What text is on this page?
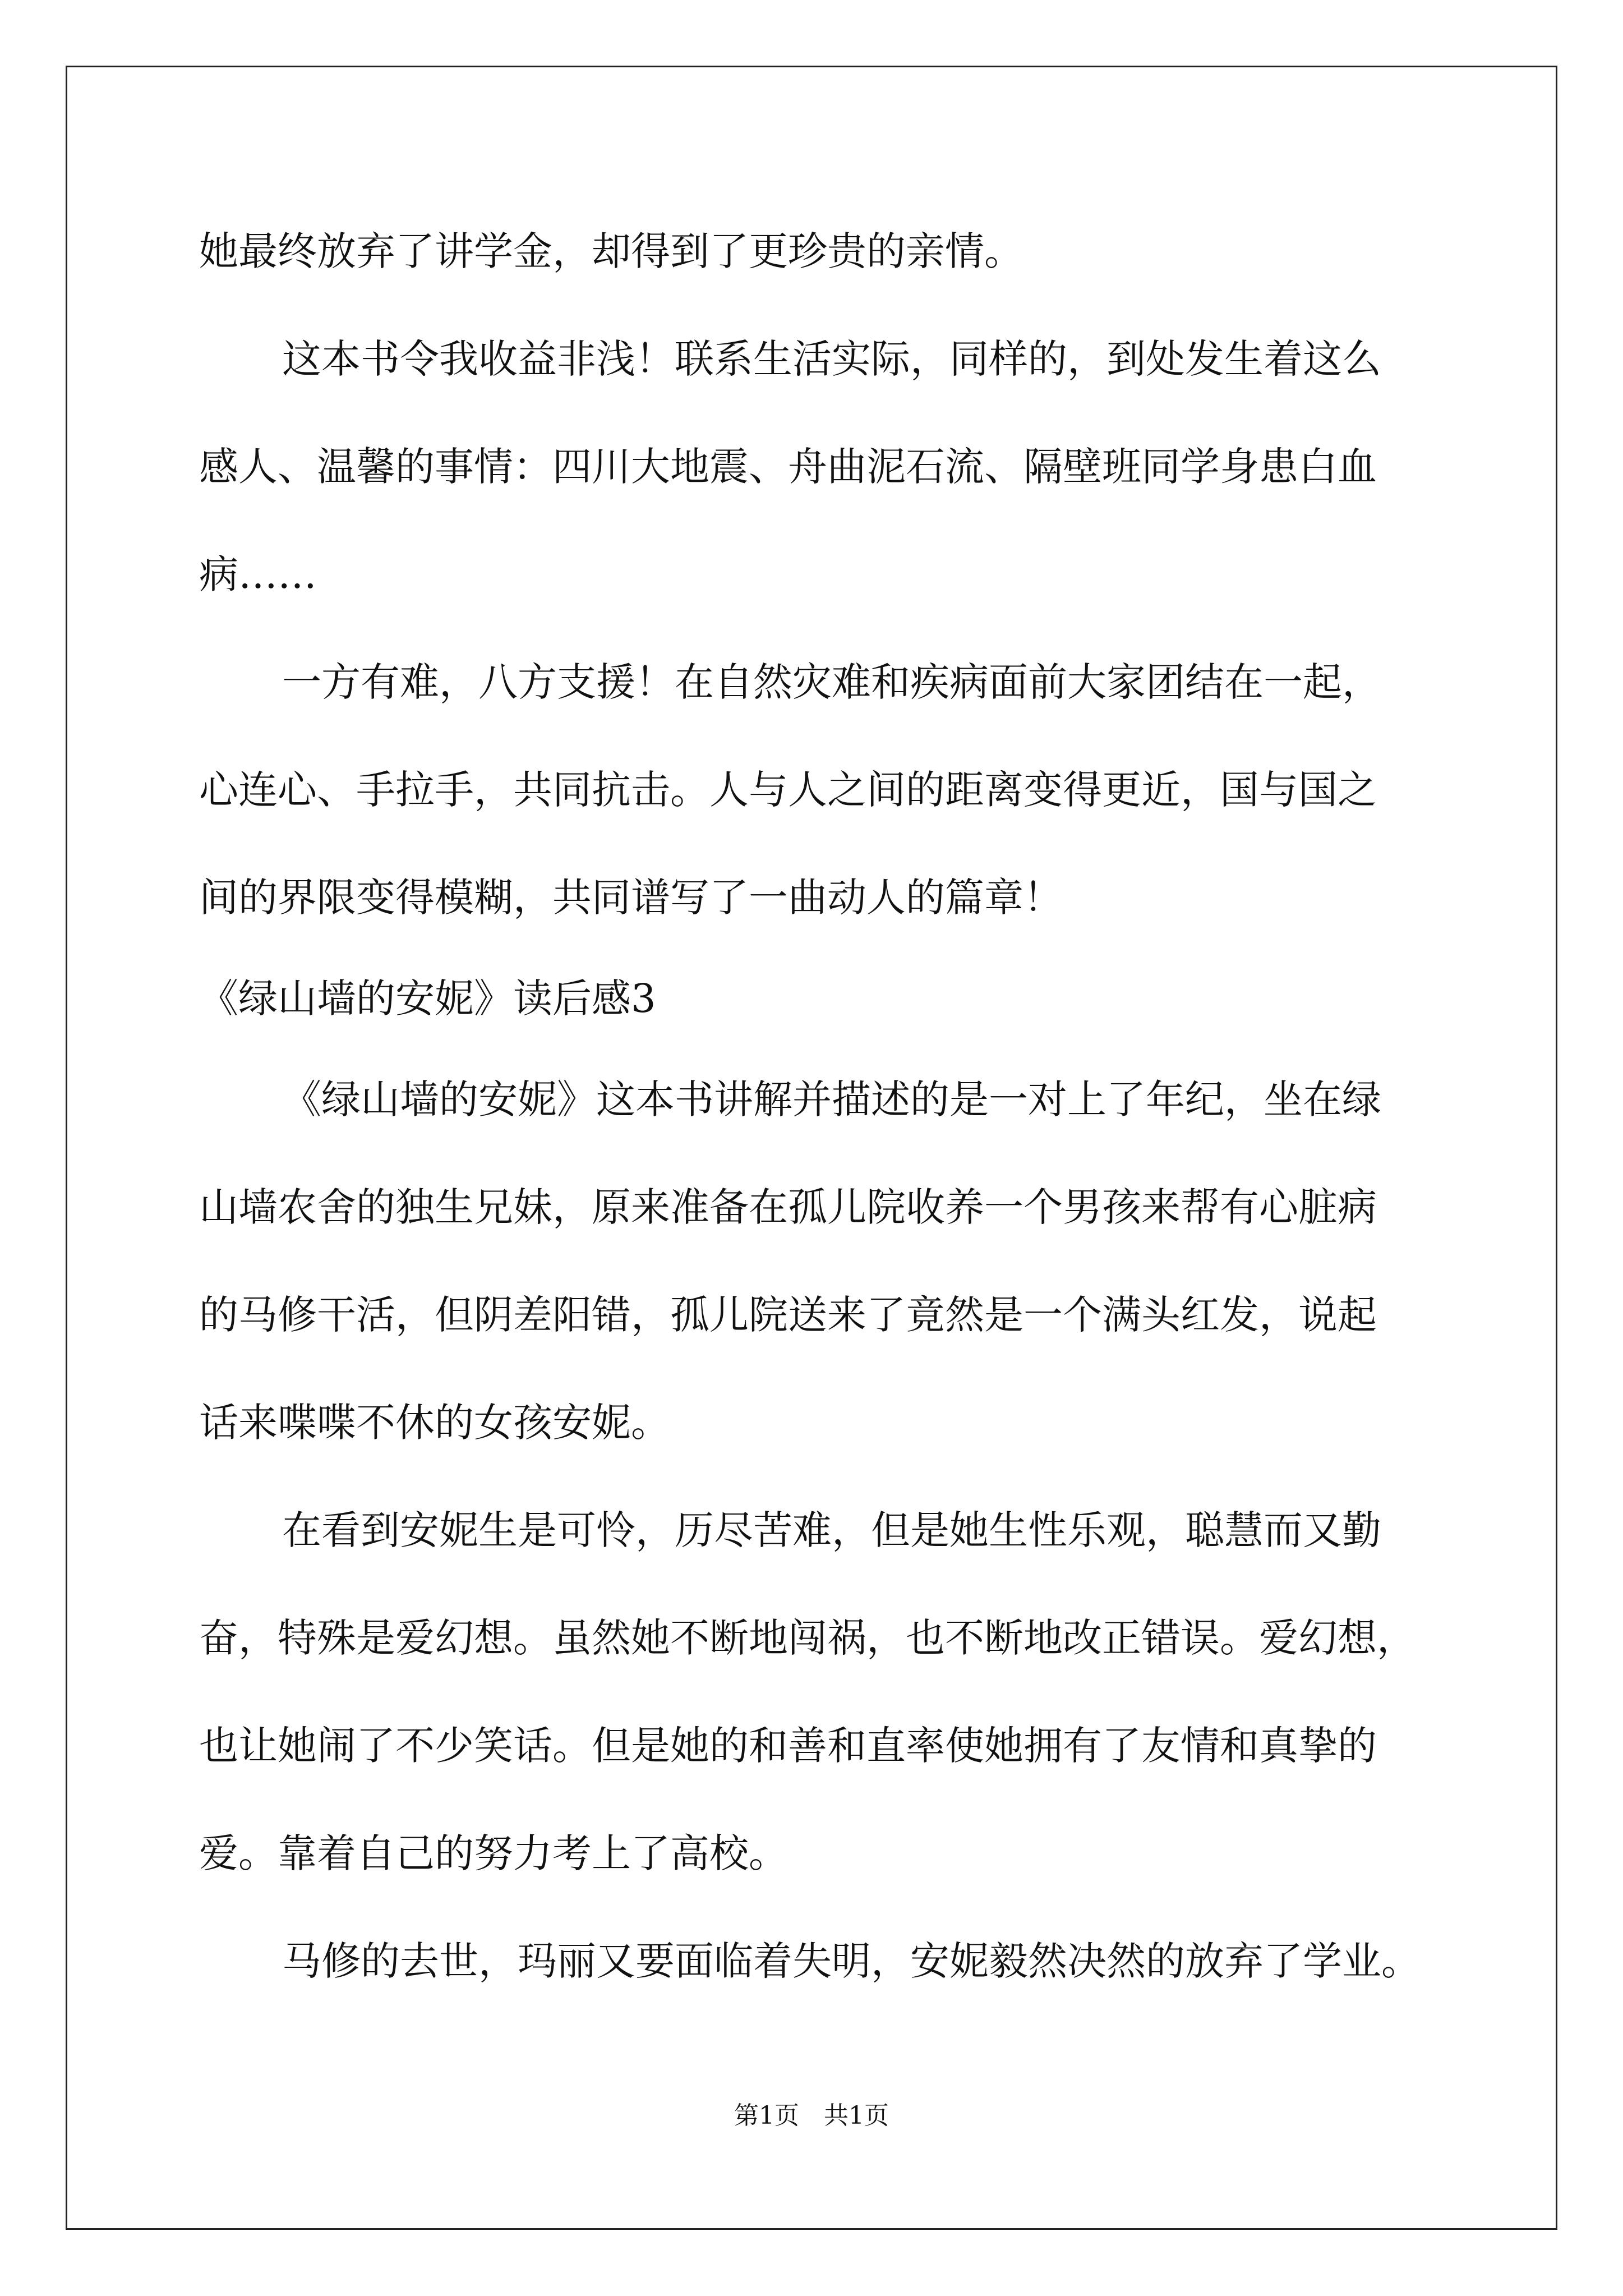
她最终放弃了讲学金，却得到了更珍贵的亲情。
这本书令我收益非浅！联系生活实际，同样的，到处发生着这么
感人、温馨的事情：四川大地震、舟曲泥石流、隔壁班同学身患白血
病……
一方有难，八方支援！在自然灾难和疾病面前大家团结在一起，
心连心、手拉手，共同抗击。人与人之间的距离变得更近，国与国之
间的界限变得模糊，共同谱写了一曲动人的篇章！
《绿山墙的安妮》读后感3
《绿山墙的安妮》这本书讲解并描述的是一对上了年纪，坐在绿
山墙农舍的独生兄妹，原来准备在孤儿院收养一个男孩来帮有心脏病
的马修干活，但阴差阳错，孤儿院送来了竟然是一个满头红发，说起
话来喋喋不休的女孩安妮。
在看到安妮生是可怜，历尽苦难，但是她生性乐观，聪慧而又勤
奋，特殊是爱幻想。虽然她不断地闯祸，也不断地改正错误。爱幻想，
也让她闹了不少笑话。但是她的和善和直率使她拥有了友情和真挚的
爱。靠着自己的努力考上了高校。
马修的去世，玛丽又要面临着失明，安妮毅然决然的放弃了学业。
第1页　共1页
